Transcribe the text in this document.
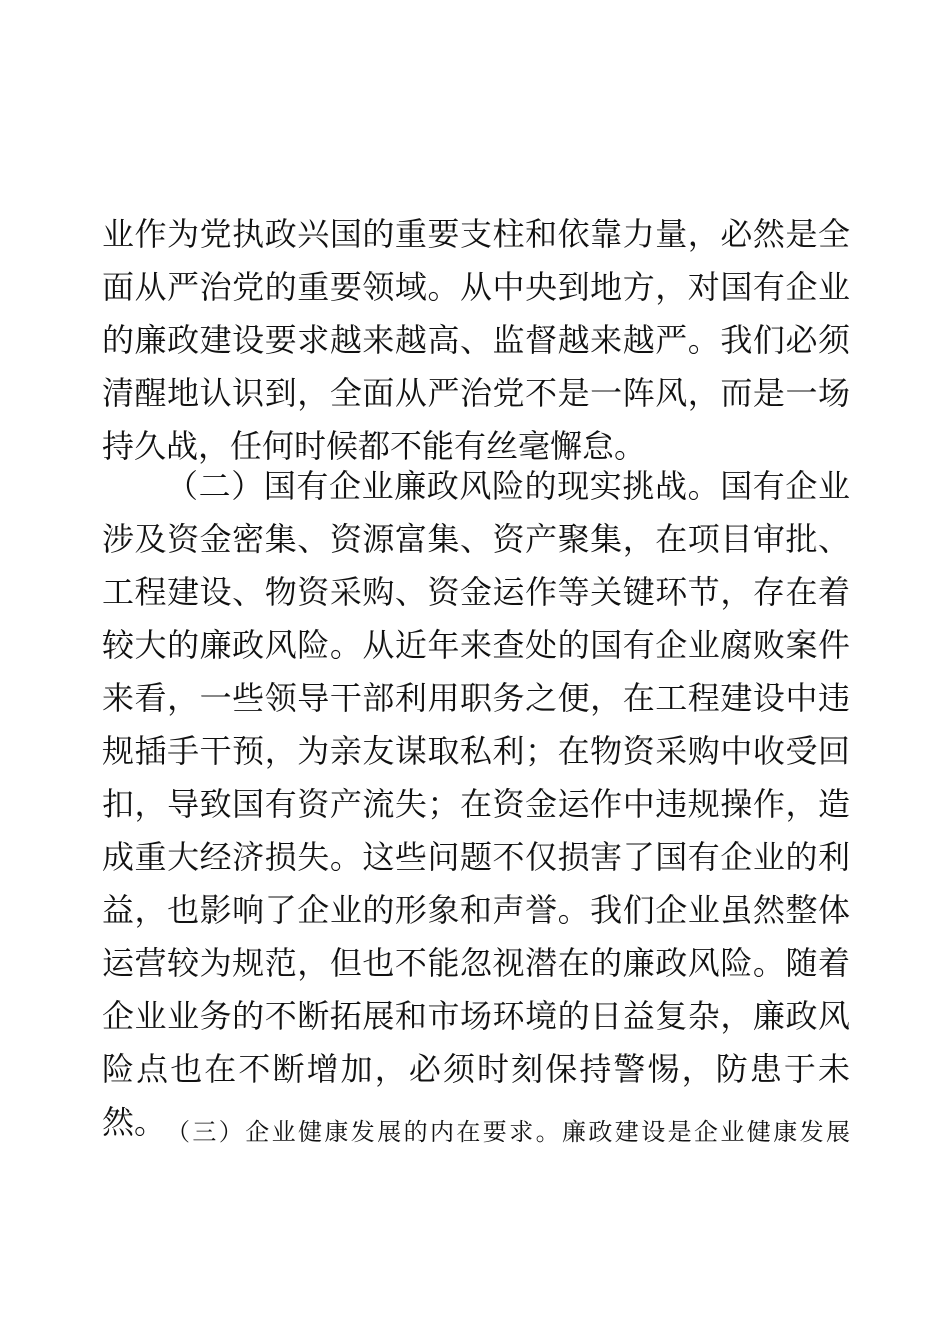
业作为党执政兴国的重要支柱和依靠力量，必然是全
面从严治党的重要领域。从中央到地方，对国有企业
的廉政建设要求越来越高、监督越来越严。我们必须
清醒地认识到，全面从严治党不是一阵风，而是一场
持久战，任何时候都不能有丝毫懈怠。
（二）国有企业廉政风险的现实挑战。国有企业
涉及资金密集、资源富集、资产聚集，在项目审批、
工程建设、物资采购、资金运作等关键环节，存在着
较大的廉政风险。从近年来查处的国有企业腐败案件
来看，一些领导干部利用职务之便，在工程建设中违
规插手干预，为亲友谋取私利；在物资采购中收受回
扣，导致国有资产流失；在资金运作中违规操作，造
成重大经济损失。这些问题不仅损害了国有企业的利
益，也影响了企业的形象和声誉。我们企业虽然整体
运营较为规范，但也不能忽视潜在的廉政风险。随着
企业业务的不断拓展和市场环境的日益复杂，廉政风
险点也在不断增加，必须时刻保持警惕，防患于未
然。 （三）企业健康发展的内在要求。廉政建设是企业健康发展
